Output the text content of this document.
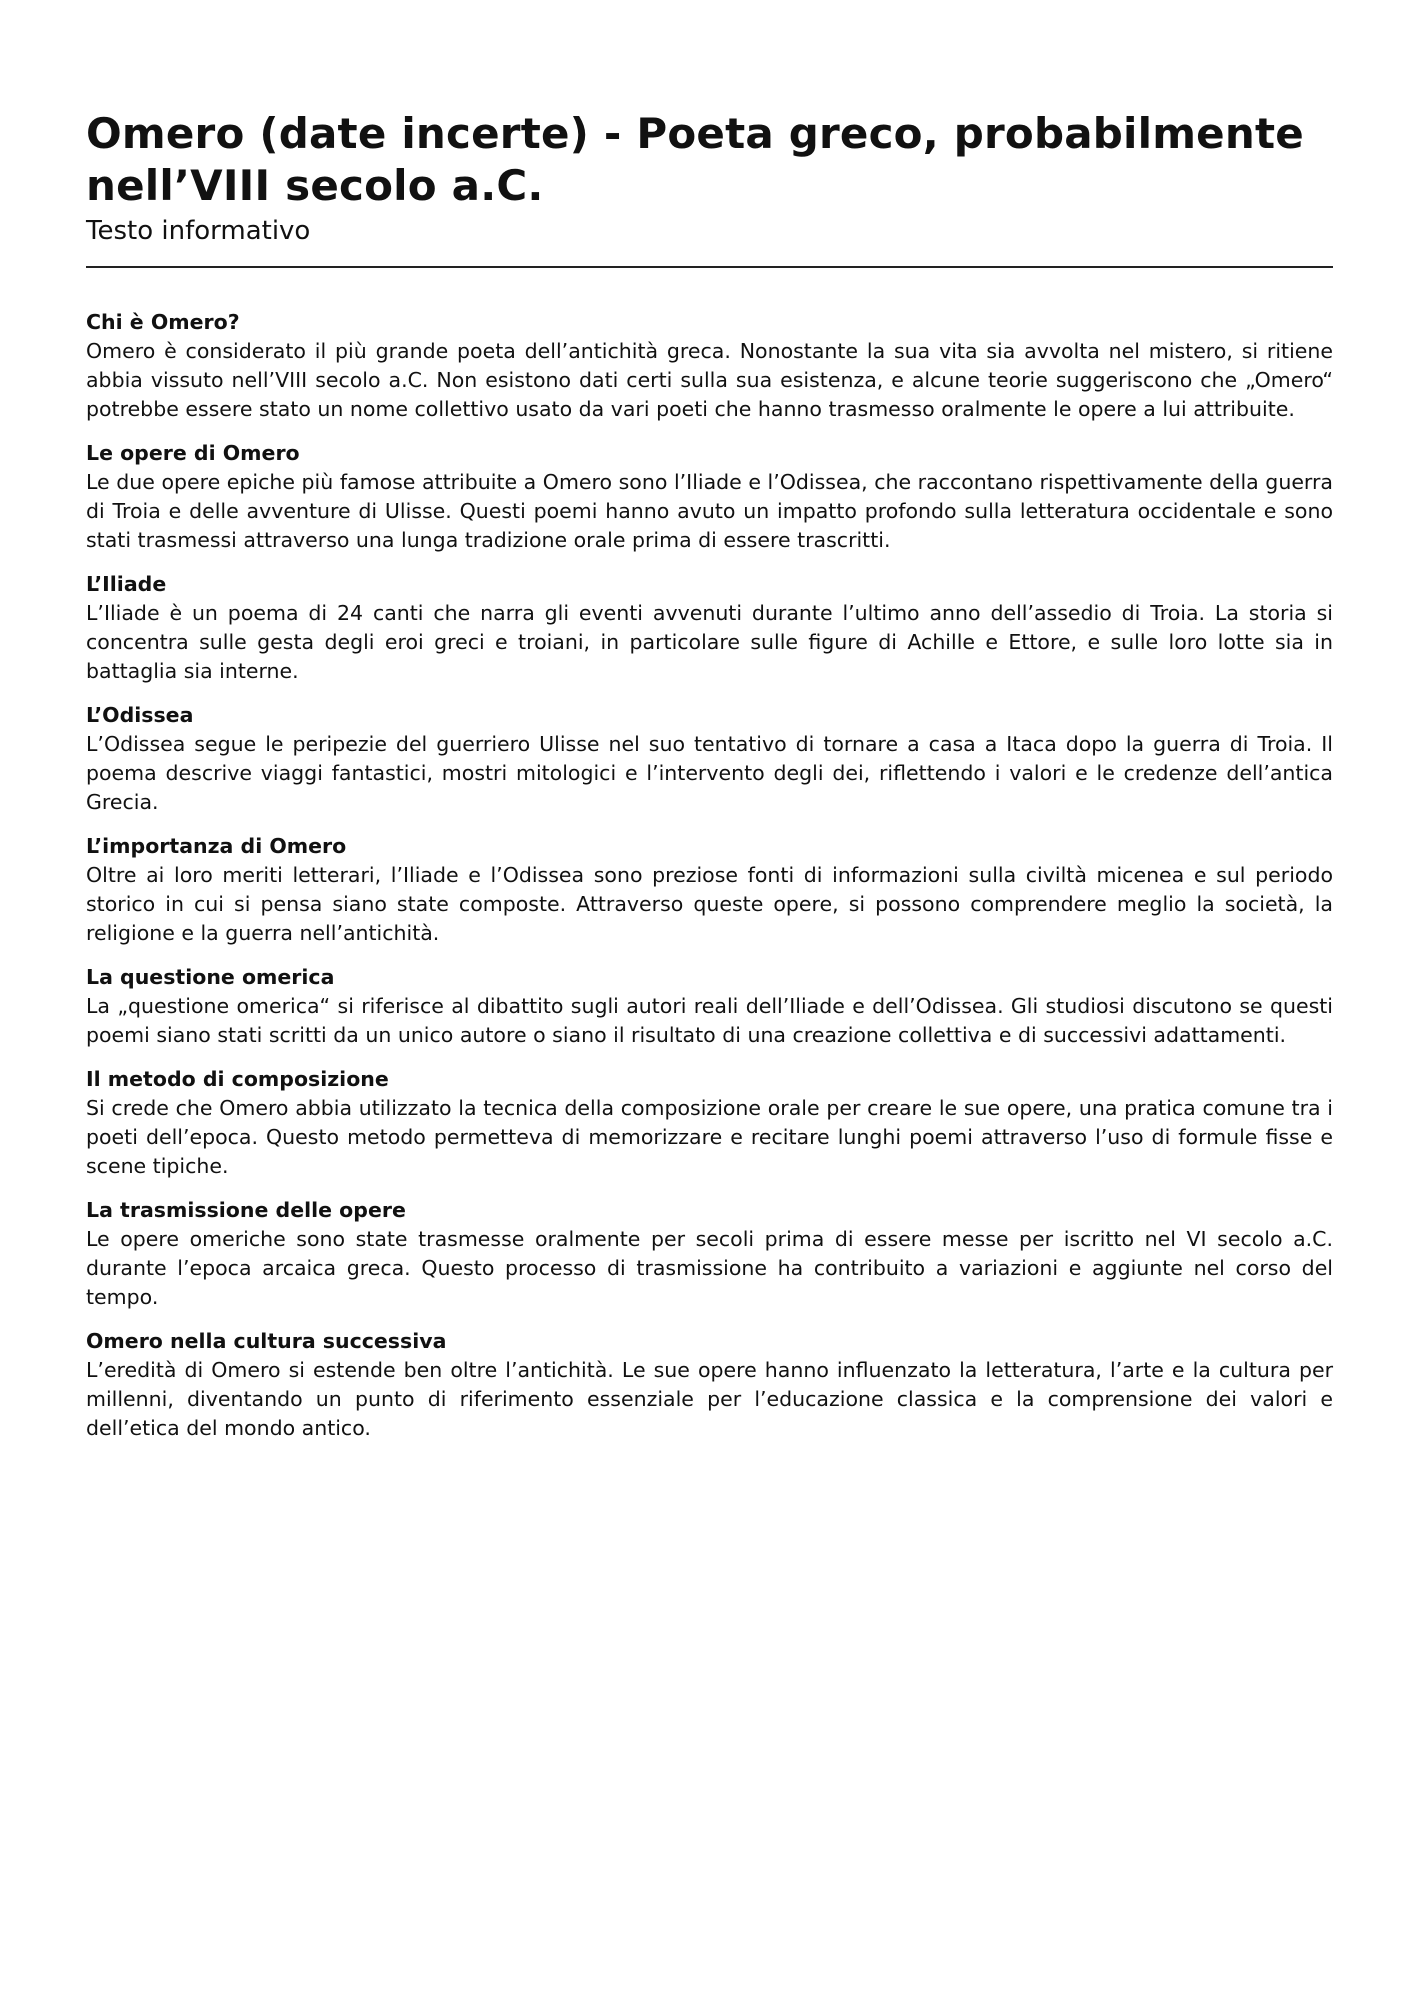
Omero (date incerte) - Poeta greco, probabilmente nell’VIII secolo a.C.
Testo informativo
Chi è Omero?

Omero è considerato il più grande poeta dell’antichità greca. Nonostante la sua vita sia avvolta nel mistero, si ritiene abbia vissuto nell’VIII secolo a.C. Non esistono dati certi sulla sua esistenza, e alcune teorie suggeriscono che „Omero“ potrebbe essere stato un nome collettivo usato da vari poeti che hanno trasmesso oralmente le opere a lui attribuite.

Le opere di Omero

Le due opere epiche più famose attribuite a Omero sono l’Iliade e l’Odissea, che raccontano rispettivamente della guerra di Troia e delle avventure di Ulisse. Questi poemi hanno avuto un impatto profondo sulla letteratura occidentale e sono stati trasmessi attraverso una lunga tradizione orale prima di essere trascritti.

L’Iliade

L’Iliade è un poema di 24 canti che narra gli eventi avvenuti durante l’ultimo anno dell’assedio di Troia. La storia si concentra sulle gesta degli eroi greci e troiani, in particolare sulle figure di Achille e Ettore, e sulle loro lotte sia in battaglia sia interne.

L’Odissea

L’Odissea segue le peripezie del guerriero Ulisse nel suo tentativo di tornare a casa a Itaca dopo la guerra di Troia. Il poema descrive viaggi fantastici, mostri mitologici e l’intervento degli dei, riflettendo i valori e le credenze dell’antica Grecia.

L’importanza di Omero

Oltre ai loro meriti letterari, l’Iliade e l’Odissea sono preziose fonti di informazioni sulla civiltà micenea e sul periodo storico in cui si pensa siano state composte. Attraverso queste opere, si possono comprendere meglio la società, la religione e la guerra nell’antichità.

La questione omerica

La „questione omerica“ si riferisce al dibattito sugli autori reali dell’Iliade e dell’Odissea. Gli studiosi discutono se questi poemi siano stati scritti da un unico autore o siano il risultato di una creazione collettiva e di successivi adattamenti.

Il metodo di composizione

Si crede che Omero abbia utilizzato la tecnica della composizione orale per creare le sue opere, una pratica comune tra i poeti dell’epoca. Questo metodo permetteva di memorizzare e recitare lunghi poemi attraverso l’uso di formule fisse e scene tipiche.

La trasmissione delle opere

Le opere omeriche sono state trasmesse oralmente per secoli prima di essere messe per iscritto nel VI secolo a.C. durante l’epoca arcaica greca. Questo processo di trasmissione ha contribuito a variazioni e aggiunte nel corso del tempo.

Omero nella cultura successiva

L’eredità di Omero si estende ben oltre l’antichità. Le sue opere hanno influenzato la letteratura, l’arte e la cultura per millenni, diventando un punto di riferimento essenziale per l’educazione classica e la comprensione dei valori e dell’etica del mondo antico.
